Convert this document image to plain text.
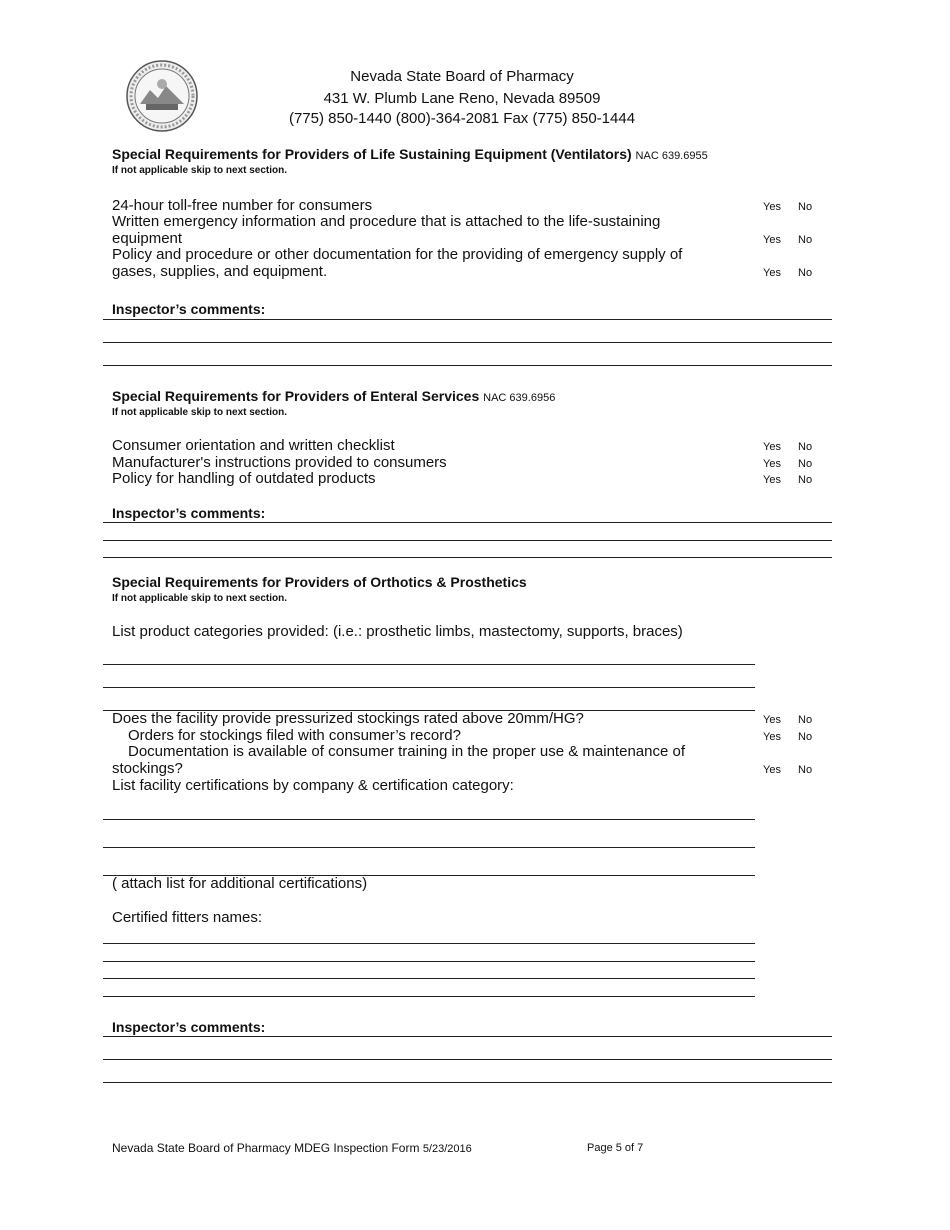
Nevada State Board of Pharmacy
431 W. Plumb Lane Reno, Nevada 89509
(775) 850-1440 (800)-364-2081 Fax (775) 850-1444
Special Requirements for Providers of Life Sustaining Equipment (Ventilators) NAC 639.6955
If not applicable skip to next section.
24-hour toll-free number for consumers	Yes No
Written emergency information and procedure that is attached to the life-sustaining
equipment	Yes No
Policy and procedure or other documentation for the providing of emergency supply of
gases, supplies, and equipment.	Yes No
Inspector’s comments:
Special Requirements for Providers of Enteral Services NAC 639.6956
If not applicable skip to next section.
Consumer orientation and written checklist	Yes No
Manufacturer's instructions provided to consumers	Yes No
Policy for handling of outdated products	Yes No
Inspector’s comments:
Special Requirements for Providers of Orthotics & Prosthetics
If not applicable skip to next section.
List product categories provided: (i.e.: prosthetic limbs, mastectomy, supports, braces)
Does the facility provide pressurized stockings rated above 20mm/HG?	Yes No
Orders for stockings filed with consumer’s record?	Yes No
Documentation is available of consumer training in the proper use & maintenance of
stockings?	Yes No
List facility certifications by company & certification category:
( attach list for additional certifications)
Certified fitters names:
Inspector’s comments:
Nevada State Board of Pharmacy MDEG Inspection Form 5/23/2016	Page 5 of 7
